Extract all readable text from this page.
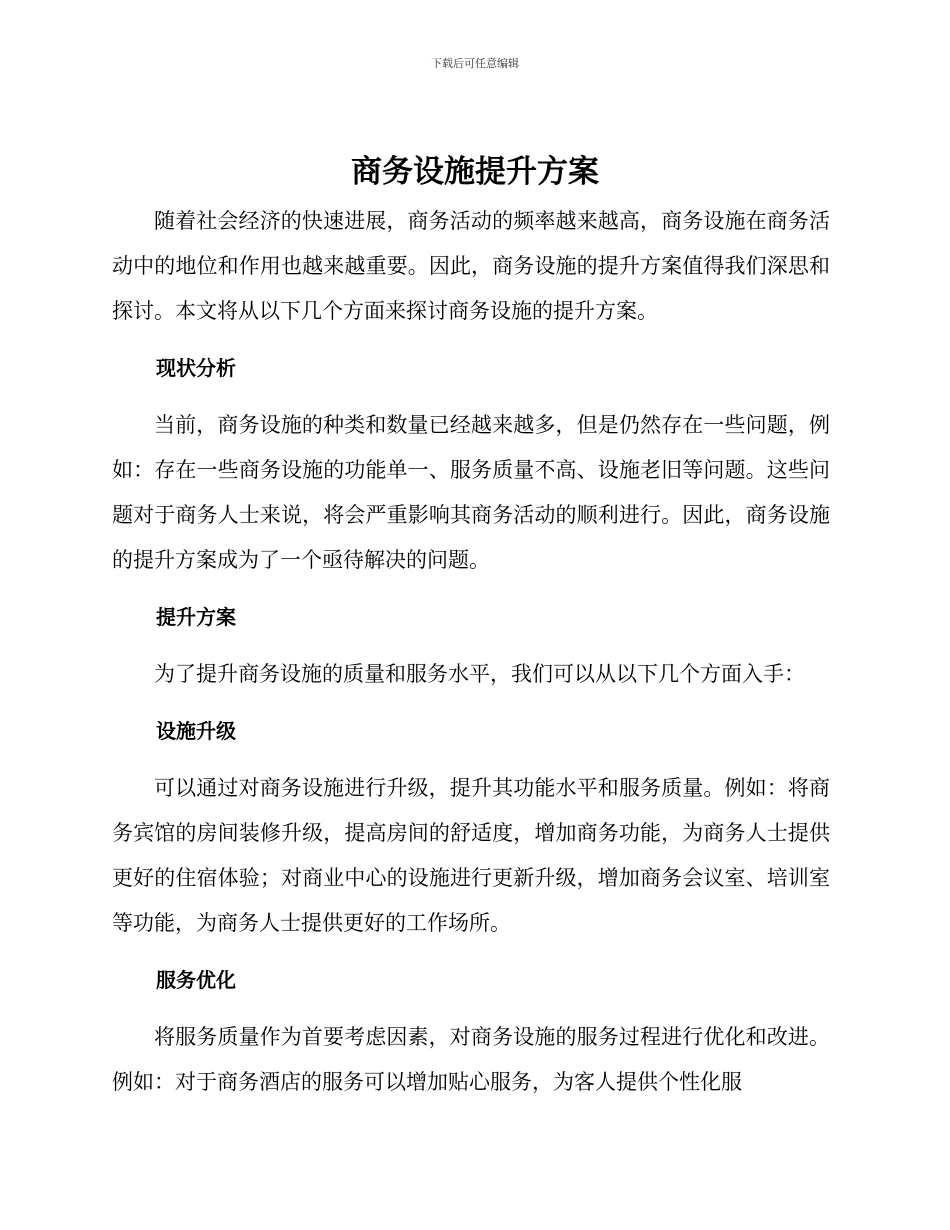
下载后可任意编辑
商务设施提升方案

随着社会经济的快速进展，商务活动的频率越来越高，商务设施在商务活动中的地位和作用也越来越重要。因此，商务设施的提升方案值得我们深思和探讨。本文将从以下几个方面来探讨商务设施的提升方案。

现状分析

当前，商务设施的种类和数量已经越来越多，但是仍然存在一些问题，例如：存在一些商务设施的功能单一、服务质量不高、设施老旧等问题。这些问题对于商务人士来说，将会严重影响其商务活动的顺利进行。因此，商务设施的提升方案成为了一个亟待解决的问题。

提升方案

为了提升商务设施的质量和服务水平，我们可以从以下几个方面入手：

设施升级

可以通过对商务设施进行升级，提升其功能水平和服务质量。例如：将商务宾馆的房间装修升级，提高房间的舒适度，增加商务功能，为商务人士提供更好的住宿体验；对商业中心的设施进行更新升级，增加商务会议室、培训室等功能，为商务人士提供更好的工作场所。

服务优化

将服务质量作为首要考虑因素，对商务设施的服务过程进行优化和改进。例如：对于商务酒店的服务可以增加贴心服务，为客人提供个性化服
